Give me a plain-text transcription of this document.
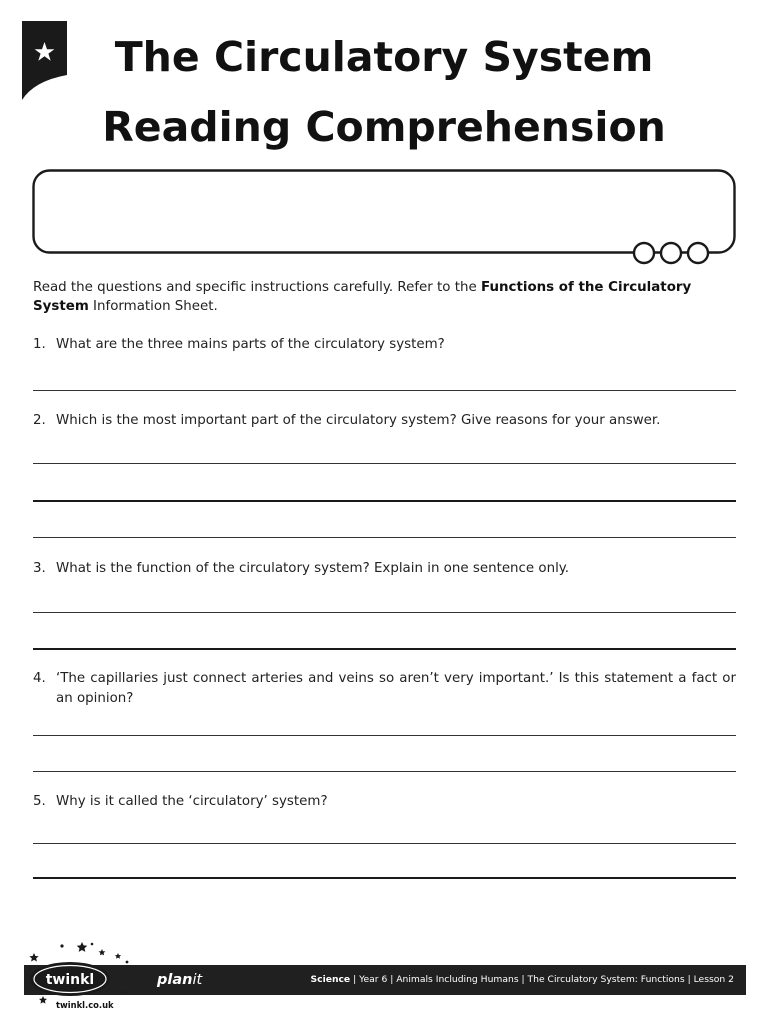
The Circulatory System
Reading Comprehension

Read the questions and specific instructions carefully. Refer to the Functions of the Circulatory System Information Sheet.

1. What are the three mains parts of the circulatory system?
2. Which is the most important part of the circulatory system? Give reasons for your answer.
3. What is the function of the circulatory system? Explain in one sentence only.
4. ‘The capillaries just connect arteries and veins so aren’t very important.’ Is this statement a fact or an opinion?
5. Why is it called the ‘circulatory’ system?
planit	Science | Year 6 | Animals Including Humans | The Circulatory System: Functions | Lesson 2
twinkl

twinkl.co.uk
